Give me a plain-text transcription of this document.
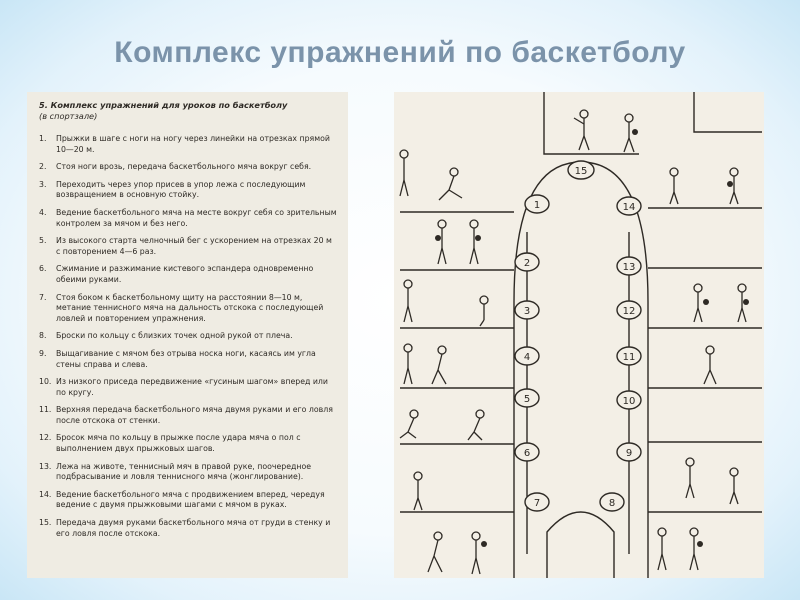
Комплекс упражнений по баскетболу
5. Комплекс упражнений для уроков по баскетболу
(в спортзале)
1. Прыжки в шаге с ноги на ногу через линейки на отрезках прямой 10—20 м.
2. Стоя ноги врозь, передача баскетбольного мяча вокруг себя.
3. Переходить через упор присев в упор лежа с последующим возвращением в основную стойку.
4. Ведение баскетбольного мяча на месте вокруг себя со зрительным контролем за мячом и без него.
5. Из высокого старта челночный бег с ускорением на отрезках 20 м с повторением 4—6 раз.
6. Сжимание и разжимание кистевого эспандера одновременно обеими руками.
7. Стоя боком к баскетбольному щиту на расстоянии 8—10 м, метание теннисного мяча на дальность отскока с последующей ловлей и повторением упражнения.
8. Броски по кольцу с близких точек одной рукой от плеча.
9. Выщагивание с мячом без отрыва носка ноги, касаясь им угла стены справа и слева.
10. Из низкого приседа передвижение «гусиным шагом» вперед или по кругу.
11. Верхняя передача баскетбольного мяча двумя руками и его ловля после отскока от стенки.
12. Бросок мяча по кольцу в прыжке после удара мяча о пол с выполнением двух прыжковых шагов.
13. Лежа на животе, теннисный мяч в правой руке, поочередное подбрасывание и ловля теннисного мяча (жонглирование).
14. Ведение баскетбольного мяча с продвижением вперед, чередуя ведение с двумя прыжковыми шагами с мячом в руках.
15. Передача двумя руками баскетбольного мяча от груди в стенку и его ловля после отскока.
1
2
3
4
5
6
7	8
9
10
11
12
13
14
15
